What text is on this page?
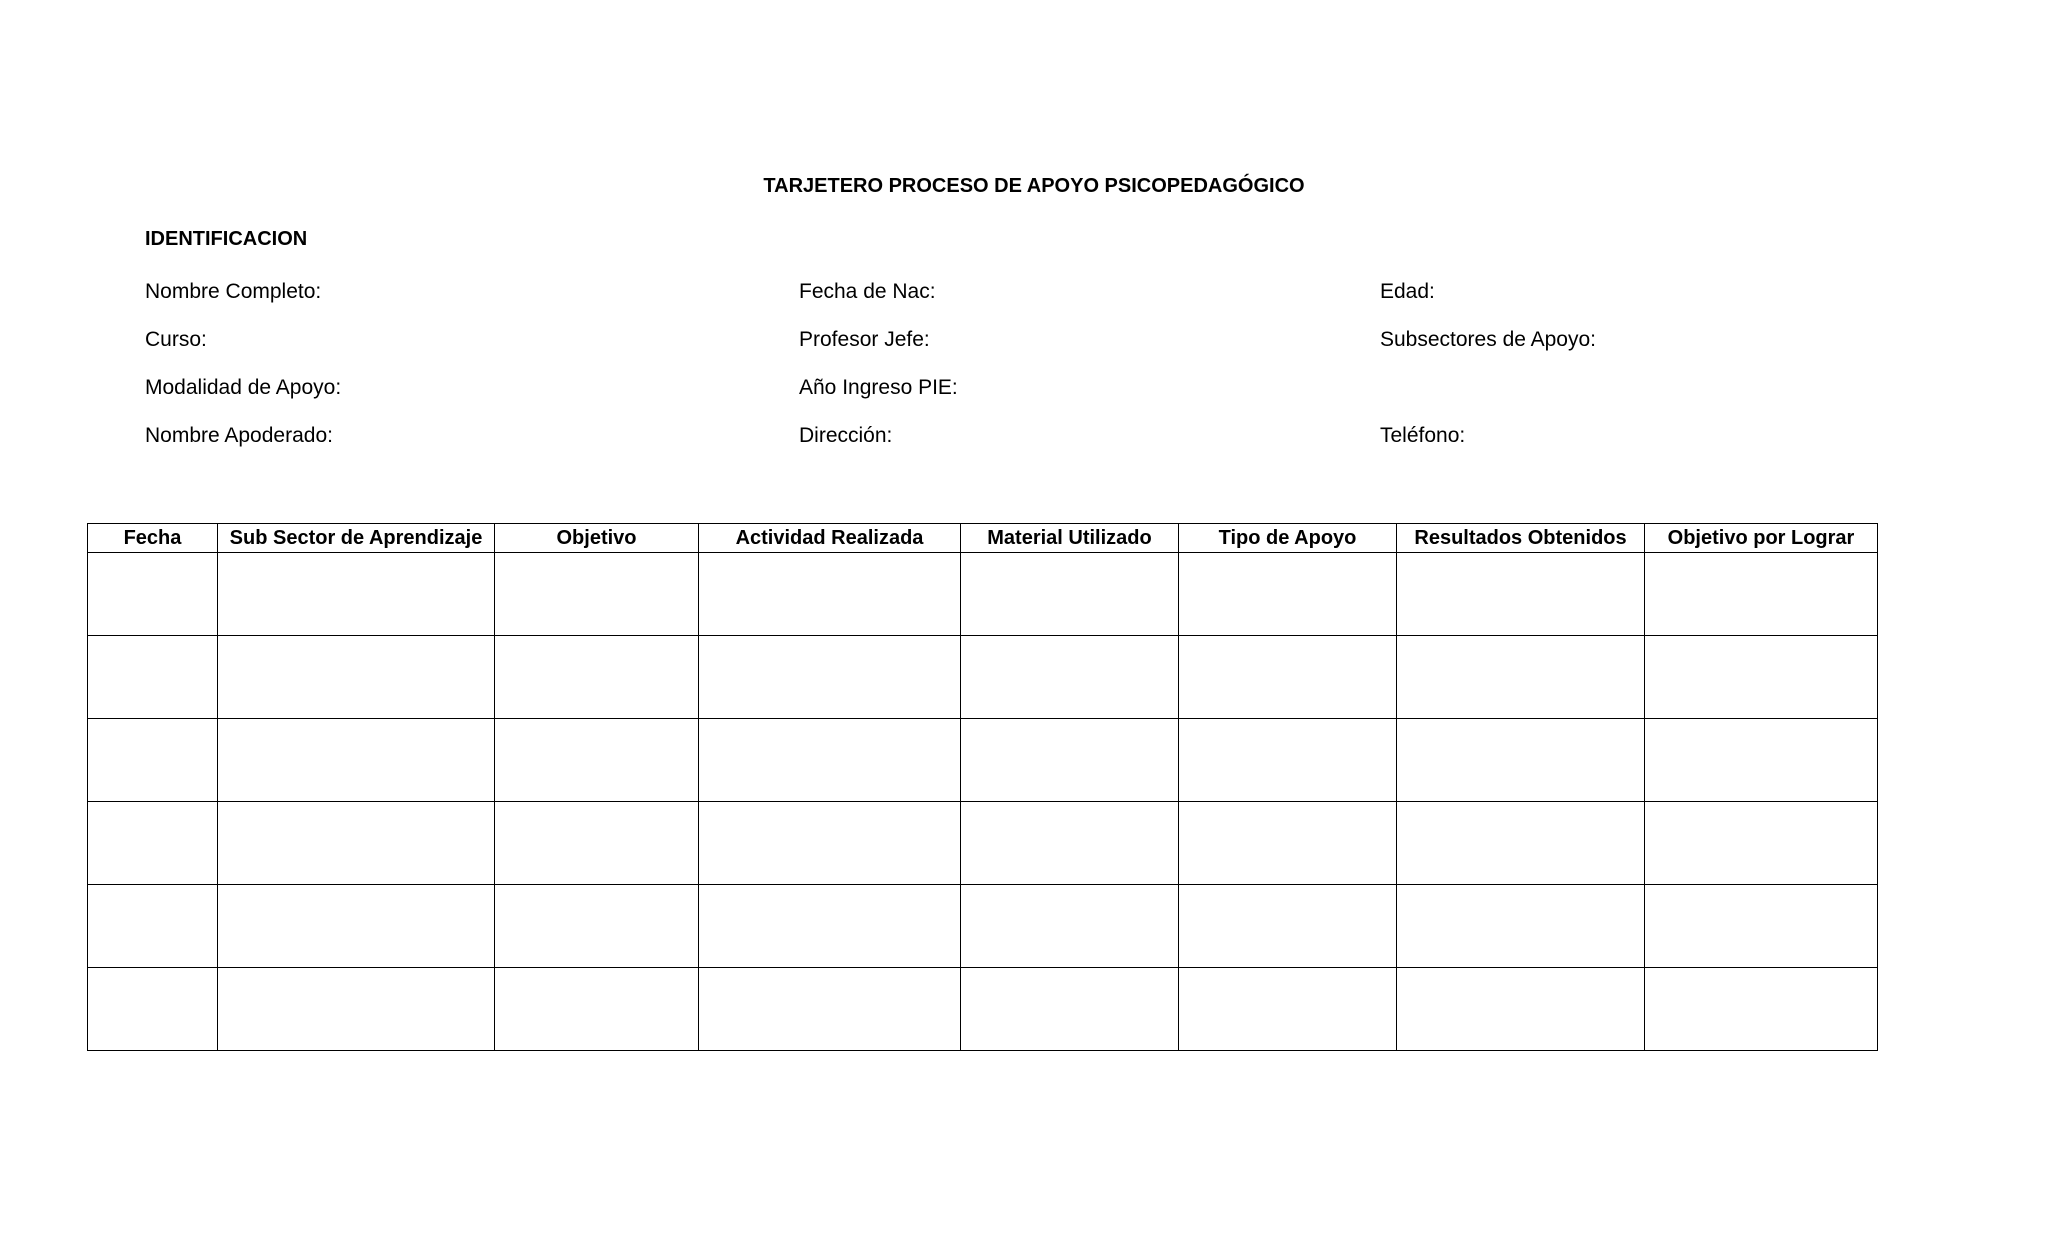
TARJETERO PROCESO DE APOYO PSICOPEDAGÓGICO
IDENTIFICACION
Nombre Completo:	Fecha de Nac:	Edad:
Curso:	Profesor Jefe:	Subsectores de Apoyo:
Modalidad de Apoyo:	Año Ingreso PIE:
Nombre Apoderado:	Dirección:	Teléfono:
Fecha	Sub Sector de Aprendizaje	Objetivo	Actividad Realizada	Material Utilizado	Tipo de Apoyo	Resultados Obtenidos	Objetivo por Lograr
